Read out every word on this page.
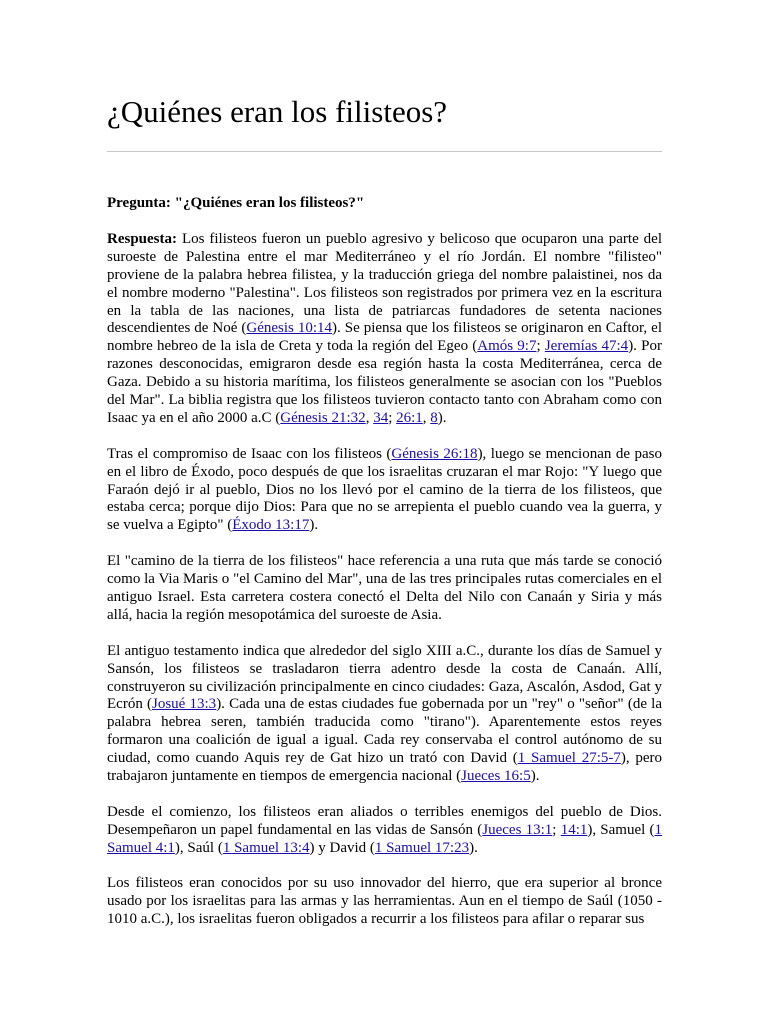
¿Quiénes eran los filisteos?

Pregunta: "¿Quiénes eran los filisteos?"

Respuesta: Los filisteos fueron un pueblo agresivo y belicoso que ocuparon una parte del suroeste de Palestina entre el mar Mediterráneo y el río Jordán. El nombre "filisteo" proviene de la palabra hebrea filistea, y la traducción griega del nombre palaistinei, nos da el nombre moderno "Palestina". Los filisteos son registrados por primera vez en la escritura en la tabla de las naciones, una lista de patriarcas fundadores de setenta naciones descendientes de Noé (Génesis 10:14). Se piensa que los filisteos se originaron en Caftor, el nombre hebreo de la isla de Creta y toda la región del Egeo (Amós 9:7; Jeremías 47:4). Por razones desconocidas, emigraron desde esa región hasta la costa Mediterránea, cerca de Gaza. Debido a su historia marítima, los filisteos generalmente se asocian con los "Pueblos del Mar". La biblia registra que los filisteos tuvieron contacto tanto con Abraham como con Isaac ya en el año 2000 a.C (Génesis 21:32, 34; 26:1, 8).

Tras el compromiso de Isaac con los filisteos (Génesis 26:18), luego se mencionan de paso en el libro de Éxodo, poco después de que los israelitas cruzaran el mar Rojo: "Y luego que Faraón dejó ir al pueblo, Dios no los llevó por el camino de la tierra de los filisteos, que estaba cerca; porque dijo Dios: Para que no se arrepienta el pueblo cuando vea la guerra, y se vuelva a Egipto" (Éxodo 13:17).

El "camino de la tierra de los filisteos" hace referencia a una ruta que más tarde se conoció como la Via Maris o "el Camino del Mar", una de las tres principales rutas comerciales en el antiguo Israel. Esta carretera costera conectó el Delta del Nilo con Canaán y Siria y más allá, hacia la región mesopotámica del suroeste de Asia.

El antiguo testamento indica que alrededor del siglo XIII a.C., durante los días de Samuel y Sansón, los filisteos se trasladaron tierra adentro desde la costa de Canaán. Allí, construyeron su civilización principalmente en cinco ciudades: Gaza, Ascalón, Asdod, Gat y Ecrón (Josué 13:3). Cada una de estas ciudades fue gobernada por un "rey" o "señor" (de la palabra hebrea seren, también traducida como "tirano"). Aparentemente estos reyes formaron una coalición de igual a igual. Cada rey conservaba el control autónomo de su ciudad, como cuando Aquis rey de Gat hizo un trató con David (1 Samuel 27:5-7), pero trabajaron juntamente en tiempos de emergencia nacional (Jueces 16:5).

Desde el comienzo, los filisteos eran aliados o terribles enemigos del pueblo de Dios. Desempeñaron un papel fundamental en las vidas de Sansón (Jueces 13:1; 14:1), Samuel (1 Samuel 4:1), Saúl (1 Samuel 13:4) y David (1 Samuel 17:23).

Los filisteos eran conocidos por su uso innovador del hierro, que era superior al bronce usado por los israelitas para las armas y las herramientas. Aun en el tiempo de Saúl (1050 - 1010 a.C.), los israelitas fueron obligados a recurrir a los filisteos para afilar o reparar sus
